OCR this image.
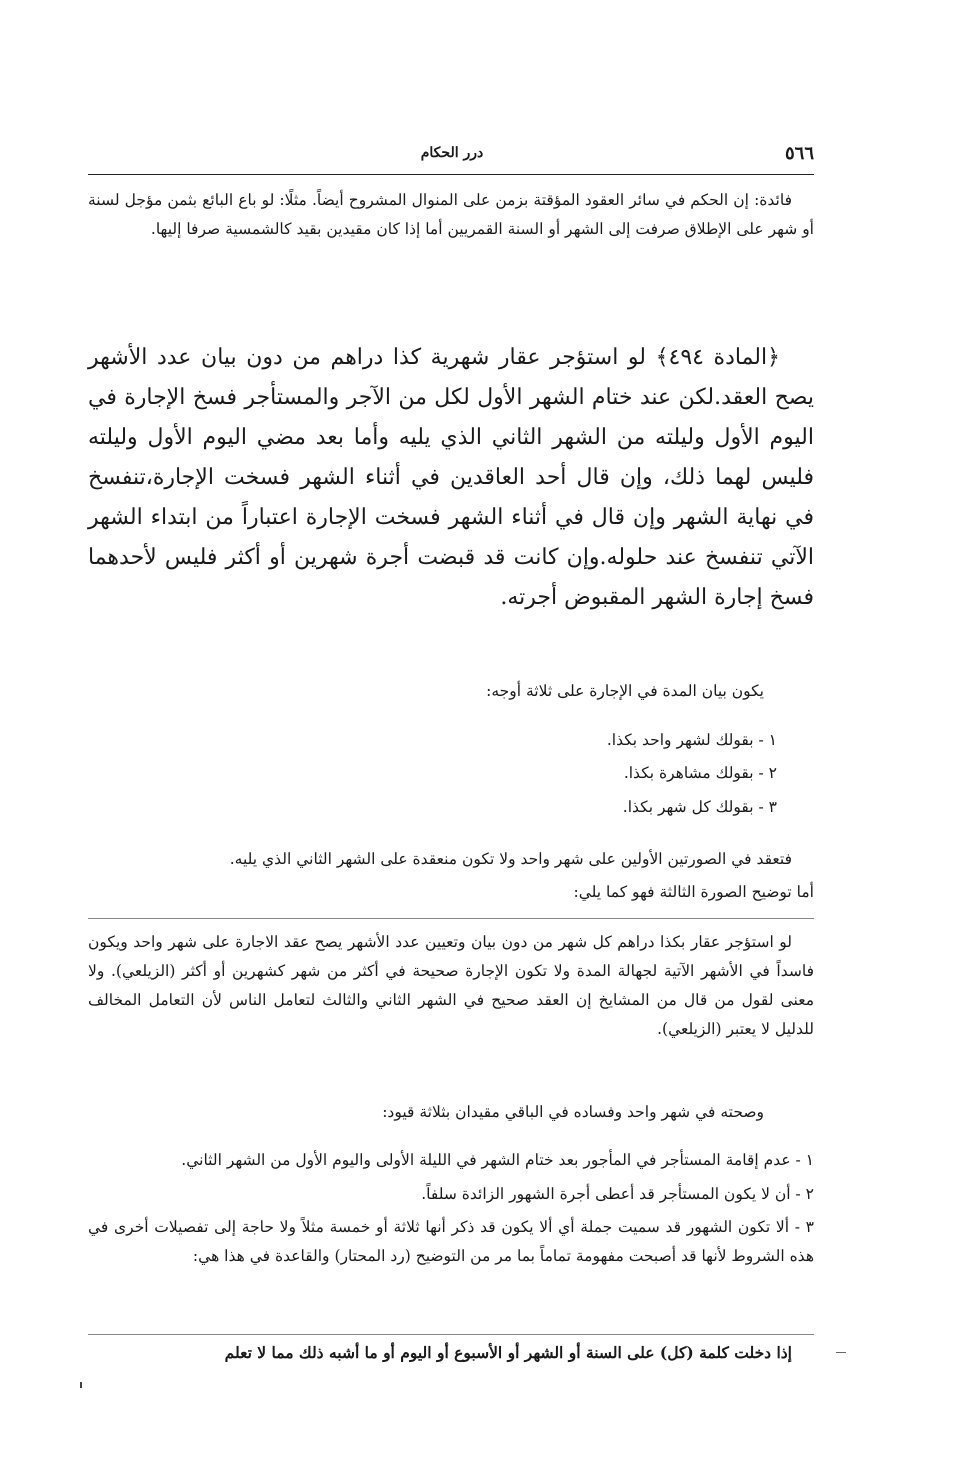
٥٦٦
درر الحكام

فائدة: إن الحكم في سائر العقود المؤقتة بزمن على المنوال المشروح أيضاً. مثلًا: لو باع البائع بثمن مؤجل لسنة أو شهر على الإطلاق صرفت إلى الشهر أو السنة القمريين أما إذا كان مقيدين بقيد كالشمسية صرفا إليها.

﴿المادة ٤٩٤﴾ لو استؤجر عقار شهرية كذا دراهم من دون بيان عدد الأشهر يصح العقد.لكن عند ختام الشهر الأول لكل من الآجر والمستأجر فسخ الإجارة في اليوم الأول وليلته من الشهر الثاني الذي يليه وأما بعد مضي اليوم الأول وليلته فليس لهما ذلك، وإن قال أحد العاقدين في أثناء الشهر فسخت الإجارة،تنفسخ في نهاية الشهر وإن قال في أثناء الشهر فسخت الإجارة اعتباراً من ابتداء الشهر الآتي تنفسخ عند حلوله.وإن كانت قد قبضت أجرة شهرين أو أكثر فليس لأحدهما فسخ إجارة الشهر المقبوض أجرته.

يكون بيان المدة في الإجارة على ثلاثة أوجه:

١ - بقولك لشهر واحد بكذا.
٢ - بقولك مشاهرة بكذا.
٣ - بقولك كل شهر بكذا.

فتعقد في الصورتين الأولين على شهر واحد ولا تكون منعقدة على الشهر الثاني الذي يليه.

أما توضيح الصورة الثالثة فهو كما يلي:

لو استؤجر عقار بكذا دراهم كل شهر من دون بيان وتعيين عدد الأشهر يصح عقد الاجارة على شهر واحد ويكون فاسداً في الأشهر الآتية لجهالة المدة ولا تكون الإجارة صحيحة في أكثر من شهر كشهرين أو أكثر (الزيلعي). ولا معنى لقول من قال من المشايخ إن العقد صحيح في الشهر الثاني والثالث لتعامل الناس لأن التعامل المخالف للدليل لا يعتبر (الزيلعي).

وصحته في شهر واحد وفساده في الباقي مقيدان بثلاثة قيود:

١ - عدم إقامة المستأجر في المأجور بعد ختام الشهر في الليلة الأولى واليوم الأول من الشهر الثاني.
٢ - أن لا يكون المستأجر قد أعطى أجرة الشهور الزائدة سلفاً.
٣ - ألا تكون الشهور قد سميت جملة أي ألا يكون قد ذكر أنها ثلاثة أو خمسة مثلاً ولا حاجة إلى تفصيلات أخرى في هذه الشروط لأنها قد أصبحت مفهومة تماماً بما مر من التوضيح (رد المحتار) والقاعدة في هذا هي:

إذا دخلت كلمة (كل) على السنة أو الشهر أو الأسبوع أو اليوم أو ما أشبه ذلك مما لا تعلم
